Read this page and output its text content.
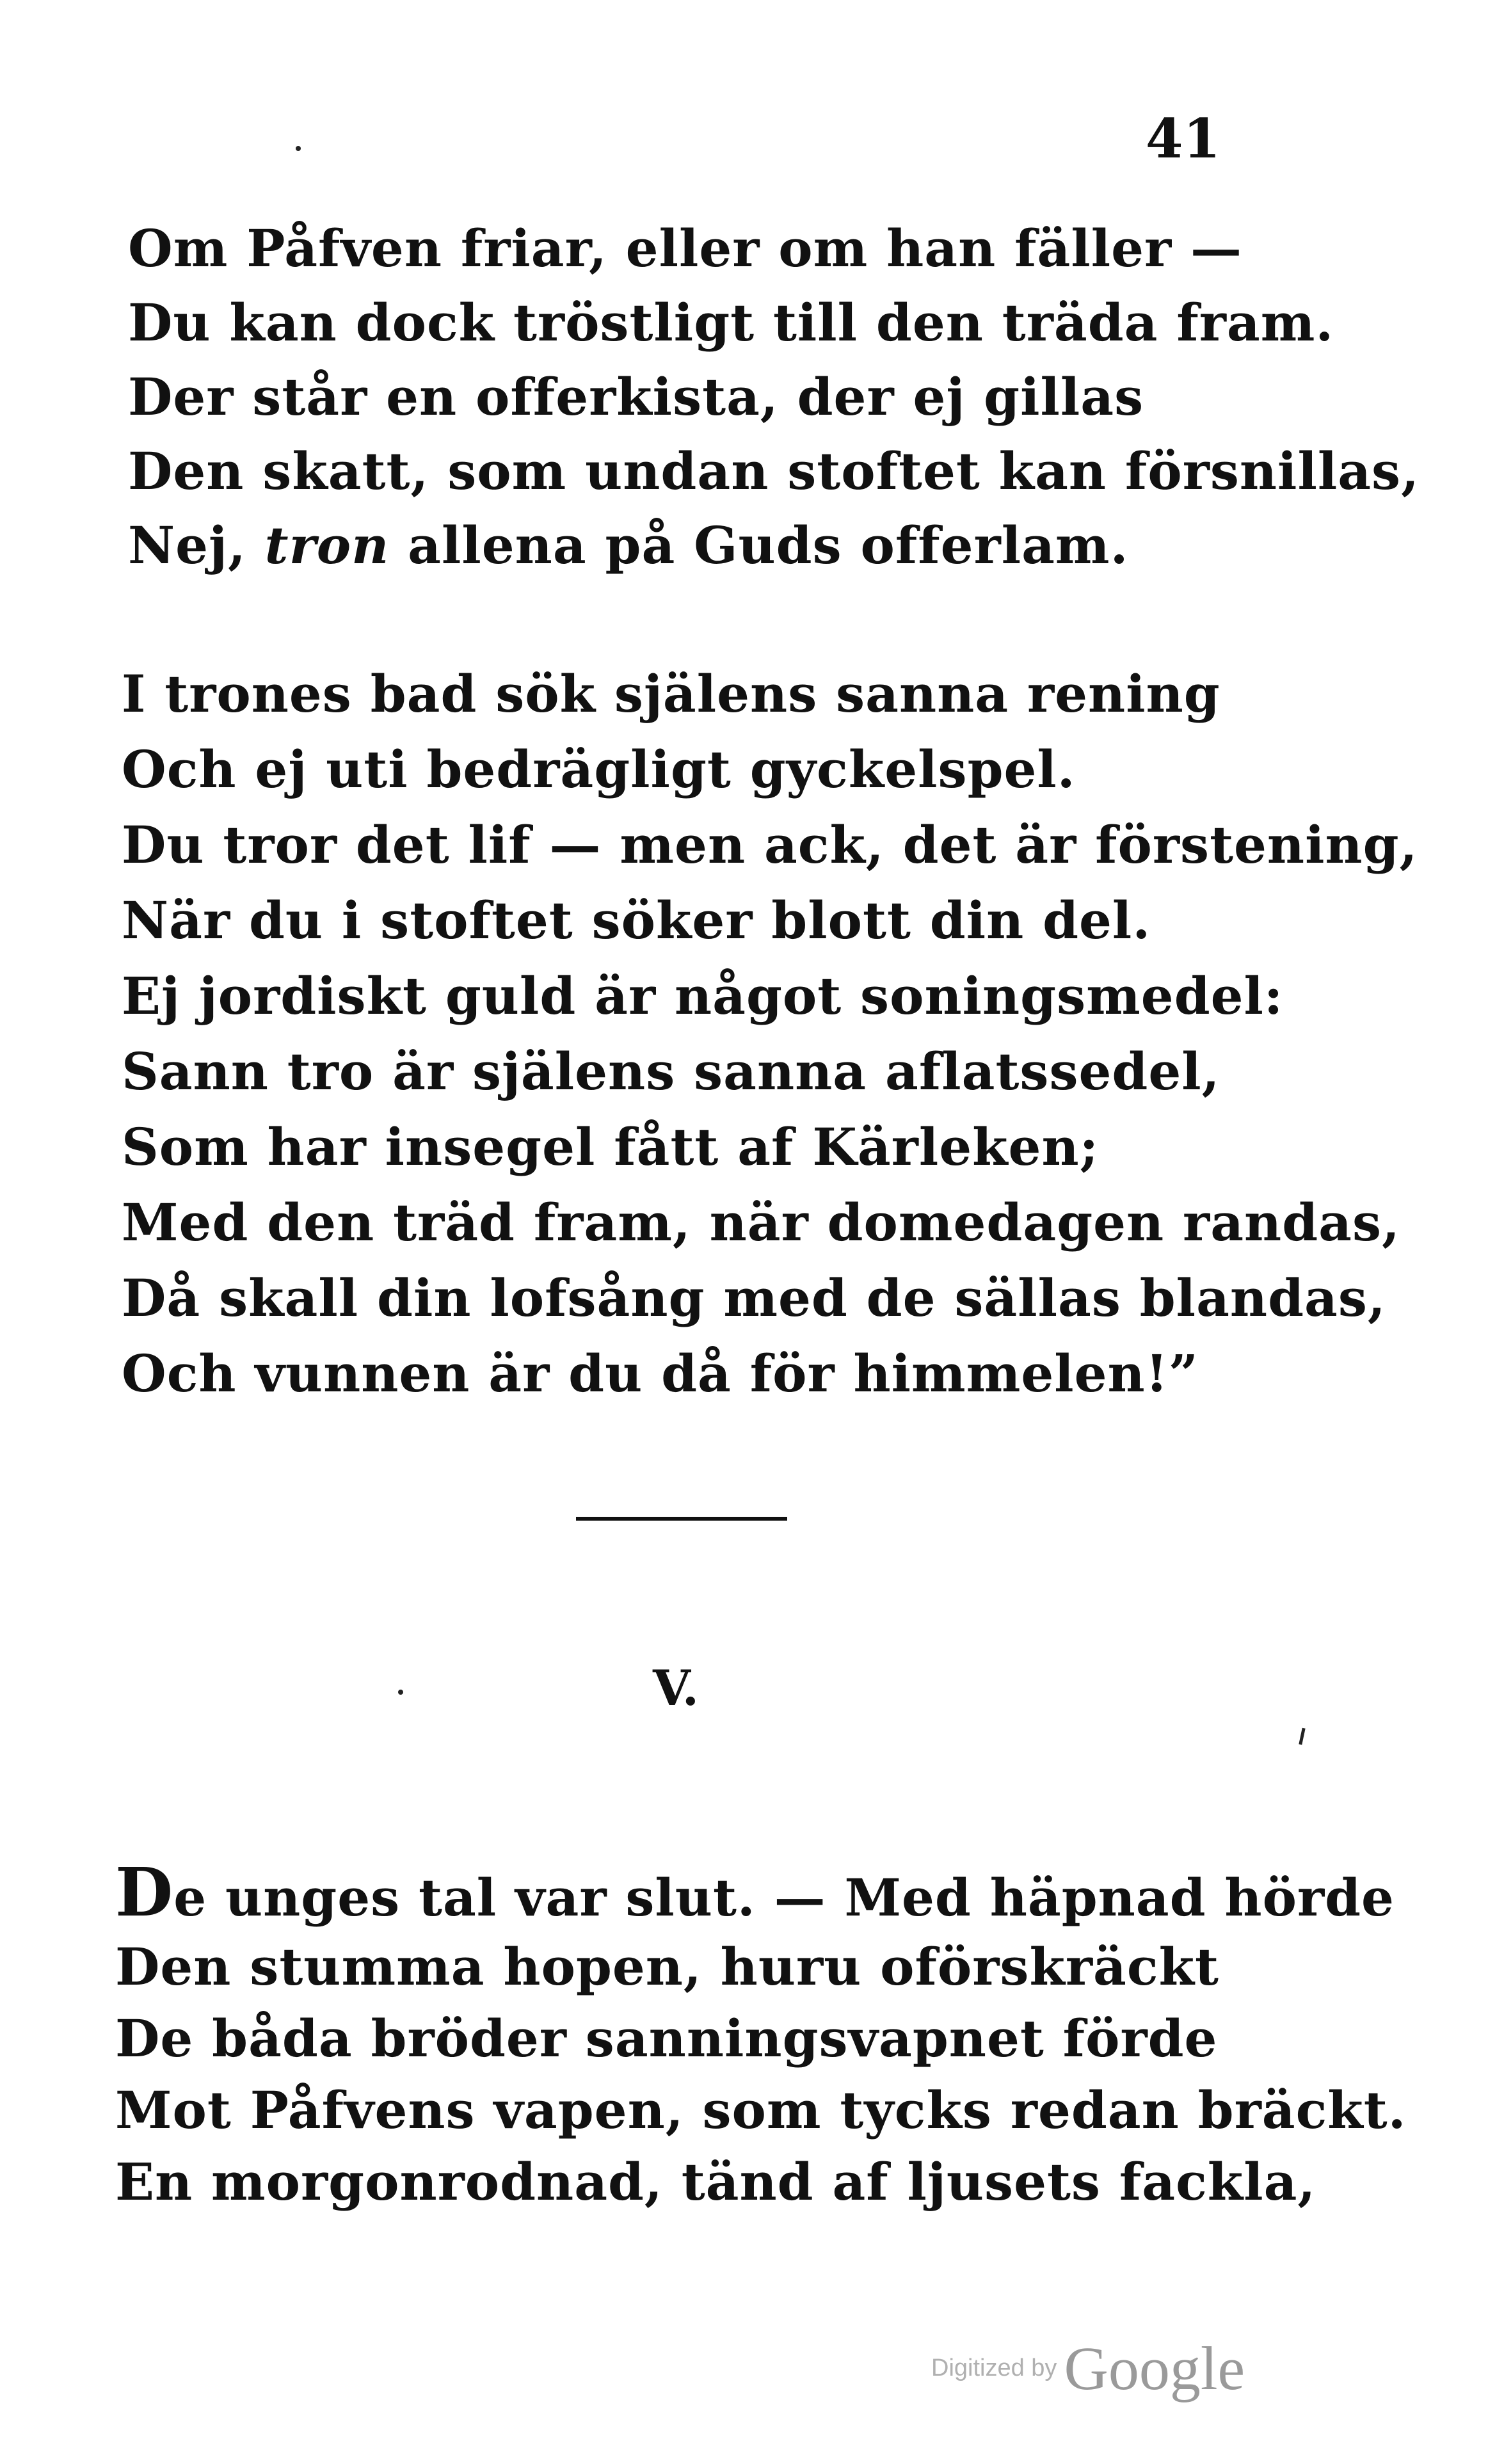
41
Om Påfven friar, eller om han fäller —
Du kan dock tröstligt till den träda fram.
Der står en offerkista, der ej gillas
Den skatt, som undan stoftet kan försnillas,
Nej, tron allena på Guds offerlam.
I trones bad sök själens sanna rening
Och ej uti bedrägligt gyckelspel.
Du tror det lif — men ack, det är förstening,
När du i stoftet söker blott din del.
Ej jordiskt guld är något soningsmedel:
Sann tro är själens sanna aflatssedel,
Som har insegel fått af Kärleken;
Med den träd fram, när domedagen randas,
Då skall din lofsång med de sällas blandas,
Och vunnen är du då för himmelen!”
V.
De unges tal var slut. — Med häpnad hörde
Den stumma hopen, huru oförskräckt
De båda bröder sanningsvapnet förde
Mot Påfvens vapen, som tycks redan bräckt.
En morgonrodnad, tänd af ljusets fackla,
Digitized by Google
